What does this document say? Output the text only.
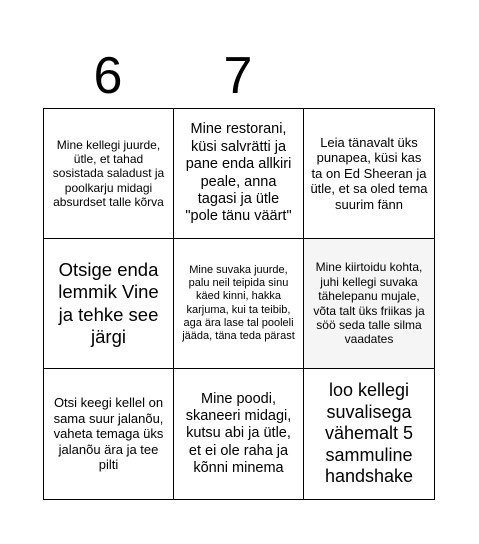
6 7
Mine kellegi juurde, ütle, et tahad sosistada saladust ja poolkarju midagi absurdset talle kõrva
Mine restorani, küsi salvrätti ja pane enda allkiri peale, anna tagasi ja ütle "pole tänu väärt"
Leia tänavalt üks punapea, küsi kas ta on Ed Sheeran ja ütle, et sa oled tema suurim fänn
Otsige enda lemmik Vine ja tehke see järgi
Mine suvaka juurde, palu neil teipida sinu käed kinni, hakka karjuma, kui ta teibib, aga ära lase tal pooleli jääda, täna teda pärast
Mine kiirtoidu kohta, juhi kellegi suvaka tähelepanu mujale, võta talt üks friikas ja söö seda talle silma vaadates
Otsi keegi kellel on sama suur jalanõu, vaheta temaga üks jalanõu ära ja tee pilti
Mine poodi, skaneeri midagi, kutsu abi ja ütle, et ei ole raha ja kõnni minema
loo kellegi suvalisega vähemalt 5 sammuline handshake
